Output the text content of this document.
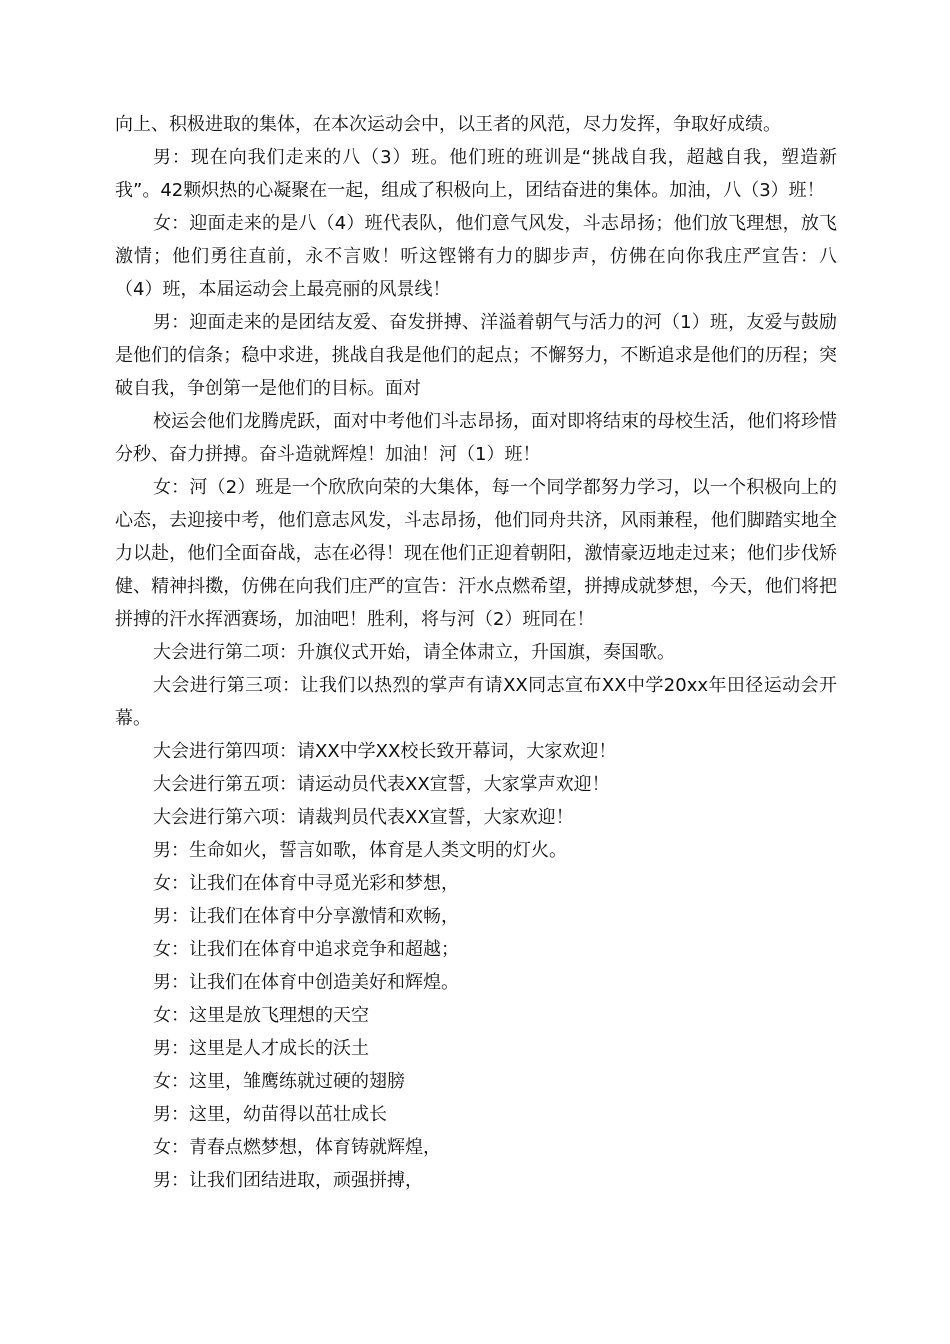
向上、积极进取的集体，在本次运动会中，以王者的风范，尽力发挥，争取好成绩。

男：现在向我们走来的八（3）班。他们班的班训是“挑战自我，超越自我，塑造新我”。42颗炽热的心凝聚在一起，组成了积极向上，团结奋进的集体。加油，八（3）班！

女：迎面走来的是八（4）班代表队，他们意气风发，斗志昂扬；他们放飞理想，放飞激情；他们勇往直前，永不言败！听这铿锵有力的脚步声，仿佛在向你我庄严宣告：八（4）班，本届运动会上最亮丽的风景线！

男：迎面走来的是团结友爱、奋发拼搏、洋溢着朝气与活力的河（1）班，友爱与鼓励是他们的信条；稳中求进，挑战自我是他们的起点；不懈努力，不断追求是他们的历程；突破自我，争创第一是他们的目标。面对

校运会他们龙腾虎跃，面对中考他们斗志昂扬，面对即将结束的母校生活，他们将珍惜分秒、奋力拼搏。奋斗造就辉煌！加油！河（1）班！

女：河（2）班是一个欣欣向荣的大集体，每一个同学都努力学习，以一个积极向上的心态，去迎接中考，他们意志风发，斗志昂扬，他们同舟共济，风雨兼程，他们脚踏实地全力以赴，他们全面奋战，志在必得！现在他们正迎着朝阳，激情豪迈地走过来；他们步伐矫健、精神抖擞，仿佛在向我们庄严的宣告：汗水点燃希望，拼搏成就梦想，今天，他们将把拼搏的汗水挥洒赛场，加油吧！胜利，将与河（2）班同在！

大会进行第二项：升旗仪式开始，请全体肃立，升国旗，奏国歌。

大会进行第三项：让我们以热烈的掌声有请XX同志宣布XX中学20xx年田径运动会开幕。

大会进行第四项：请XX中学XX校长致开幕词，大家欢迎！

大会进行第五项：请运动员代表XX宣誓，大家掌声欢迎！

大会进行第六项：请裁判员代表XX宣誓，大家欢迎！

男：生命如火，誓言如歌，体育是人类文明的灯火。

女：让我们在体育中寻觅光彩和梦想，

男：让我们在体育中分享激情和欢畅，

女：让我们在体育中追求竞争和超越；

男：让我们在体育中创造美好和辉煌。

女：这里是放飞理想的天空

男：这里是人才成长的沃土

女：这里，雏鹰练就过硬的翅膀

男：这里，幼苗得以茁壮成长

女：青春点燃梦想，体育铸就辉煌，

男：让我们团结进取，顽强拼搏，
